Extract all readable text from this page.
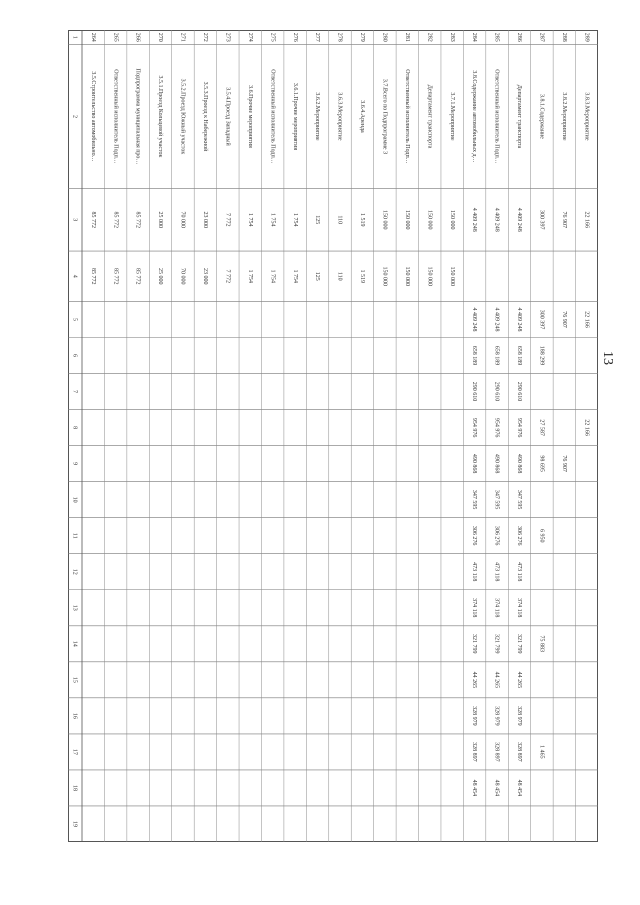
13
1
2
3
4
5
6
7
8
9
10
11
12
13
14
15
16
17
18
19
264
3.5.Строительство автомобильно…
85 772
85 772
265
Ответственный исполнитель Подп…
85 772
85 772
266
Подпрограмма муниципальная про…
85 772
85 772
270
3.5.1.Проезд Кольцевой участок
25 000
25 000
271
3.5.2.Проезд Южный участок
70 000
70 000
272
3.5.3.Проезд к Набережной
23 000
23 000
273
3.5.4.Проезд Западный
7 772
7 772
274
3.6.Прочие мероприятия
1 754
1 754
275
Ответственный исполнитель Подп…
1 754
1 754
276
3.6.1.Прочие мероприятия
1 754
1 754
277
3.6.2.Мероприятие
125
125
278
3.6.3.Мероприятие
110
110
279
3.6.4.Аренда
1 519
1 519
280
3.7.Всего по Подпрограмме 3
150 000
150 000
281
Ответственный исполнитель Подп…
150 000
150 000
282
Департамент транспорта
150 000
150 000
283
3.7.1.Мероприятие
150 000
150 000
284
3.8.Содержание автомобильных д…
4 409 248
4 409 248
658 189
290 610
954 976
490 868
347 595
306 276
473 118
374 118
321 799
44 265
328 979
328 897
48 454
285
Ответственный исполнитель Подп…
4 409 248
4 409 248
658 189
290 610
954 976
490 868
347 595
306 276
473 118
374 118
321 799
44 265
328 979
328 897
48 454
286
Департамент транспорта
4 409 248
4 409 248
658 189
290 610
954 976
490 868
347 595
306 276
473 118
374 118
321 799
44 265
328 979
328 897
48 454
287
3.8.1.Содержание
300 397
300 397
188 299
27 587
98 695
6 950
75 883
1 465
288
3.8.2.Мероприятие
76 907
76 907
76 907
289
3.8.3.Мероприятие
22 166
22 166
22 166
